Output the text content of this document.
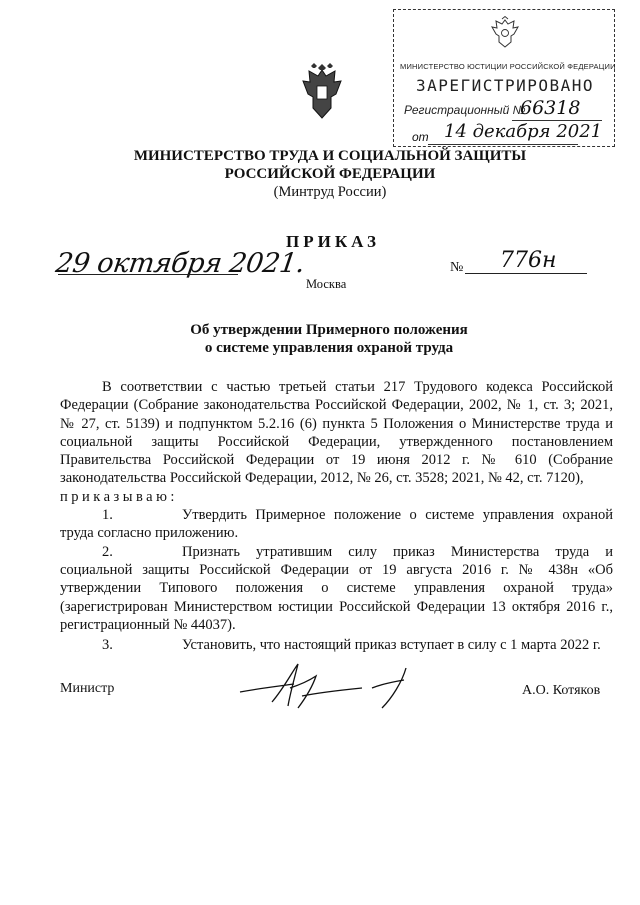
МИНИСТЕРСТВО ЮСТИЦИИ РОССИЙСКОЙ ФЕДЕРАЦИИ
ЗАРЕГИСТРИРОВАНО
Регистрационный №
66318
от 14 декабря 2021
МИНИСТЕРСТВО ТРУДА И СОЦИАЛЬНОЙ ЗАЩИТЫ
РОССИЙСКОЙ ФЕДЕРАЦИИ
(Минтруд России)
ПРИКАЗ
29 октября 2021.	№ 776н
Москва
Об утверждении Примерного положения
о системе управления охраной труда

В соответствии с частью третьей статьи 217 Трудового кодекса Российской Федерации (Собрание законодательства Российской Федерации, 2002, № 1, ст. 3; 2021, № 27, ст. 5139) и подпунктом 5.2.16 (6) пункта 5 Положения о Министерстве труда и социальной защиты Российской Федерации, утвержденного постановлением Правительства Российской Федерации от 19 июня 2012 г. № 610 (Собрание законодательства Российской Федерации, 2012, № 26, ст. 3528; 2021, № 42, ст. 7120),
приказываю:

1.	Утвердить Примерное положение о системе управления охраной труда согласно приложению.

2.	Признать утратившим силу приказ Министерства труда и социальной защиты Российской Федерации от 19 августа 2016 г. № 438н «Об утверждении Типового положения о системе управления охраной труда» (зарегистрирован Министерством юстиции Российской Федерации 13 октября 2016 г., регистрационный № 44037).

3.	Установить, что настоящий приказ вступает в силу с 1 марта 2022 г.

Министр	А.О. Котяков
